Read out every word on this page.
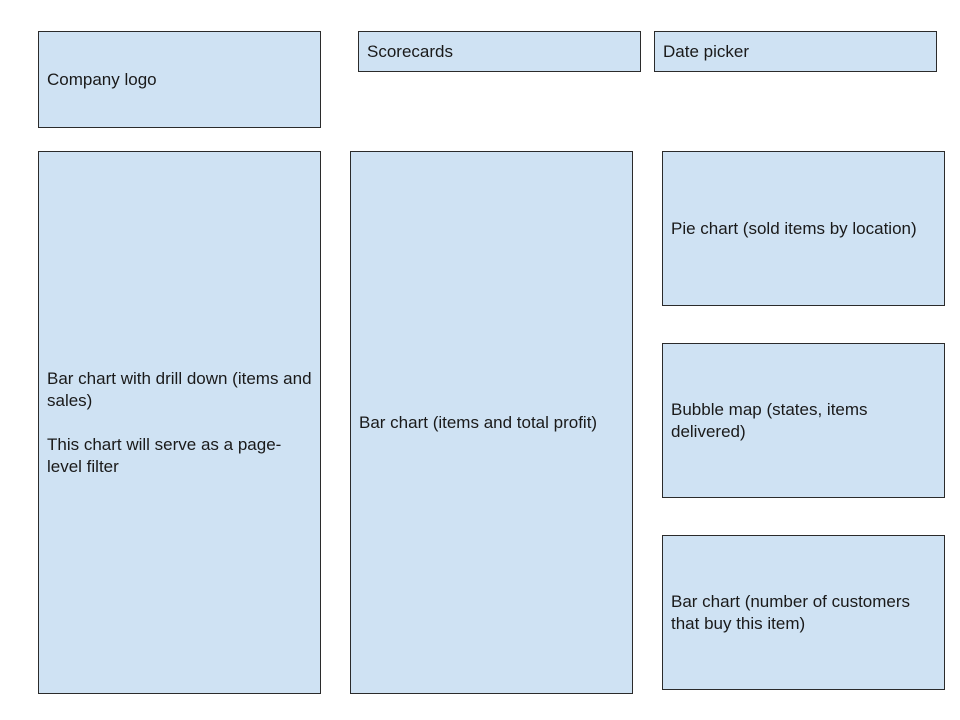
Company logo
Scorecards	Date picker
Bar chart with drill down (items and sales)
This chart will serve as a page-level filter
Bar chart (items and total profit)
Pie chart (sold items by location)
Bubble map (states, items delivered)
Bar chart (number of customers that buy this item)
